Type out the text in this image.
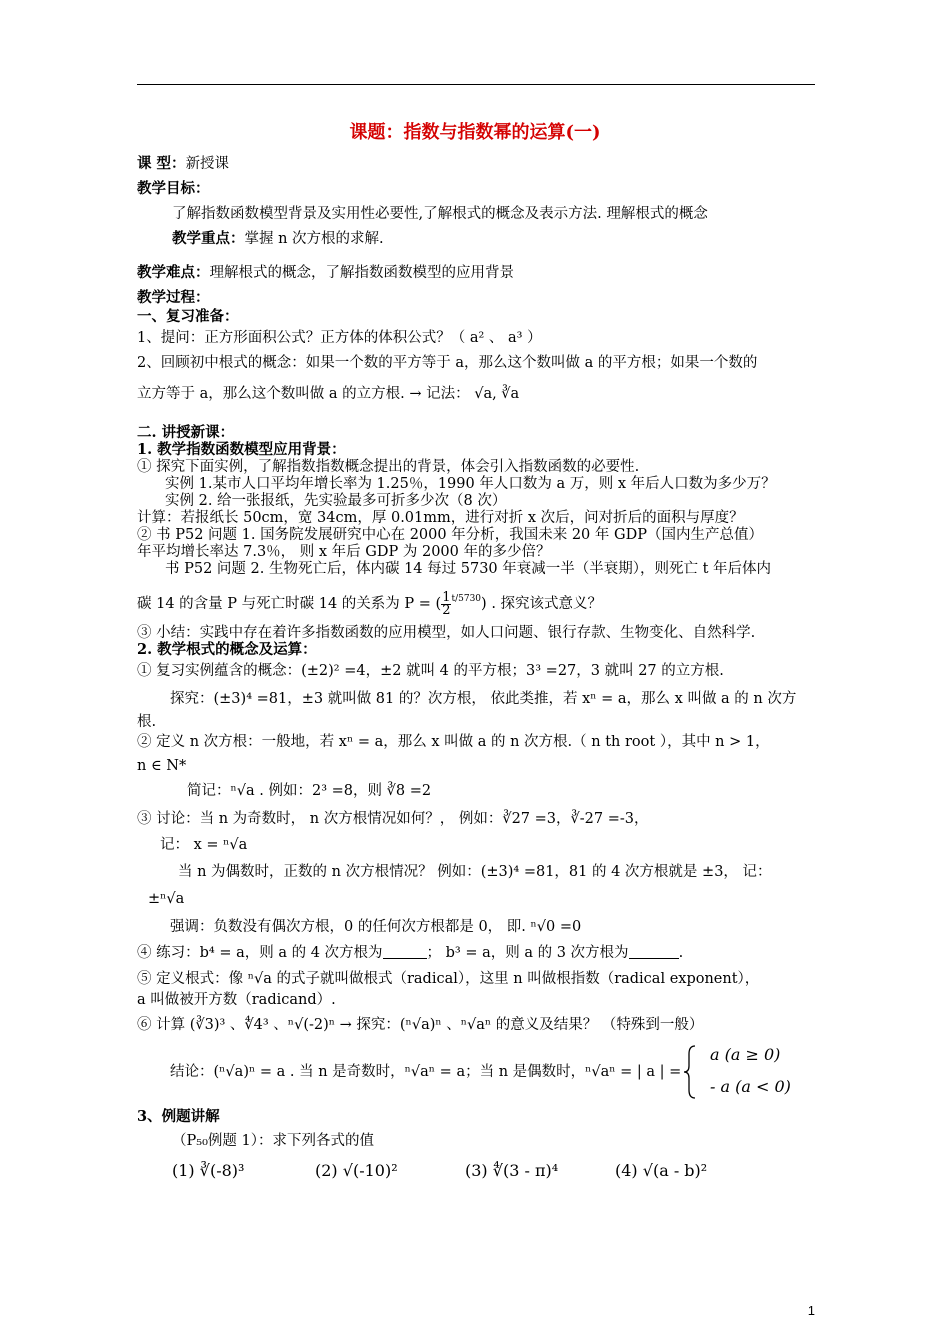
课题：指数与指数幂的运算(一)
课 型：新授课
教学目标：
了解指数函数模型背景及实用性必要性,了解根式的概念及表示方法. 理解根式的概念
教学重点：掌握 n 次方根的求解.
教学难点：理解根式的概念，了解指数函数模型的应用背景
教学过程：
一、复习准备：
1、提问：正方形面积公式？正方体的体积公式？（ a² 、 a³ ）
2、回顾初中根式的概念：如果一个数的平方等于 a，那么这个数叫做 a 的平方根；如果一个数的
立方等于 a，那么这个数叫做 a 的立方根. → 记法： √a, ∛a
二. 讲授新课：
1. 教学指数函数模型应用背景：
① 探究下面实例，了解指数指数概念提出的背景，体会引入指数函数的必要性.
实例 1.某市人口平均年增长率为 1.25％，1990 年人口数为 a 万，则 x 年后人口数为多少万？
实例 2. 给一张报纸，先实验最多可折多少次（8 次）
计算：若报纸长 50cm，宽 34cm，厚 0.01mm，进行对折 x 次后，问对折后的面积与厚度？
② 书 P52 问题 1. 国务院发展研究中心在 2000 年分析，我国未来 20 年 GDP（国内生产总值）
年平均增长率达 7.3％， 则 x 年后 GDP 为 2000 年的多少倍？
书 P52 问题 2. 生物死亡后，体内碳 14 每过 5730 年衰减一半（半衰期），则死亡 t 年后体内
碳 14 的含量 P 与死亡时碳 14 的关系为 P = ( $\frac{1}{2} ^{t/5730}$) . 探究该式意义？
③ 小结：实践中存在着许多指数函数的应用模型，如人口问题、银行存款、生物变化、自然科学.
2. 教学根式的概念及运算：
① 复习实例蕴含的概念：(±2)² =4，±2 就叫 4 的平方根；3³ =27，3 就叫 27 的立方根.
探究：(±3)⁴ =81，±3 就叫做 81 的？次方根， 依此类推，若 xⁿ = a，那么 x 叫做 a 的 n 次方
根.
② 定义 n 次方根：一般地，若 xⁿ = a，那么 x 叫做 a 的 n 次方根.（ n th root ），其中 n > 1，
n ∈ N*
简记：ⁿ√a . 例如：2³ =8，则 ∛8 =2
③ 讨论：当 n 为奇数时， n 次方根情况如何？， 例如：∛27 =3，∛-27 =-3，
记： x = ⁿ√a
当 n 为偶数时，正数的 n 次方根情况？ 例如：(±3)⁴ =81，81 的 4 次方根就是 ±3， 记：
±ⁿ√a
强调：负数没有偶次方根，0 的任何次方根都是 0， 即. ⁿ√0 =0
④ 练习：b⁴ = a，则 a 的 4 次方根为	； b³ = a，则 a 的 3 次方根为	.
⑤ 定义根式：像 ⁿ√a 的式子就叫做根式（radical），这里 n 叫做根指数（radical exponent），
a 叫做被开方数（radicand）.
⑥ 计算 (∛3)³ 、∜4³ 、ⁿ√(-2)ⁿ → 探究：(ⁿ√a)ⁿ 、ⁿ√aⁿ 的意义及结果？ （特殊到一般）
结论：(ⁿ√a)ⁿ = a . 当 n 是奇数时，ⁿ√aⁿ = a；当 n 是偶数时，ⁿ√aⁿ = | a | =
a (a ≥ 0)
- a (a < 0)
3、例题讲解
（P₅₀例题 1）：求下列各式的值
(1) ∛(-8)³	(2) √(-10)²	(3) ∜(3 - π)⁴	(4) √(a - b)²
1
